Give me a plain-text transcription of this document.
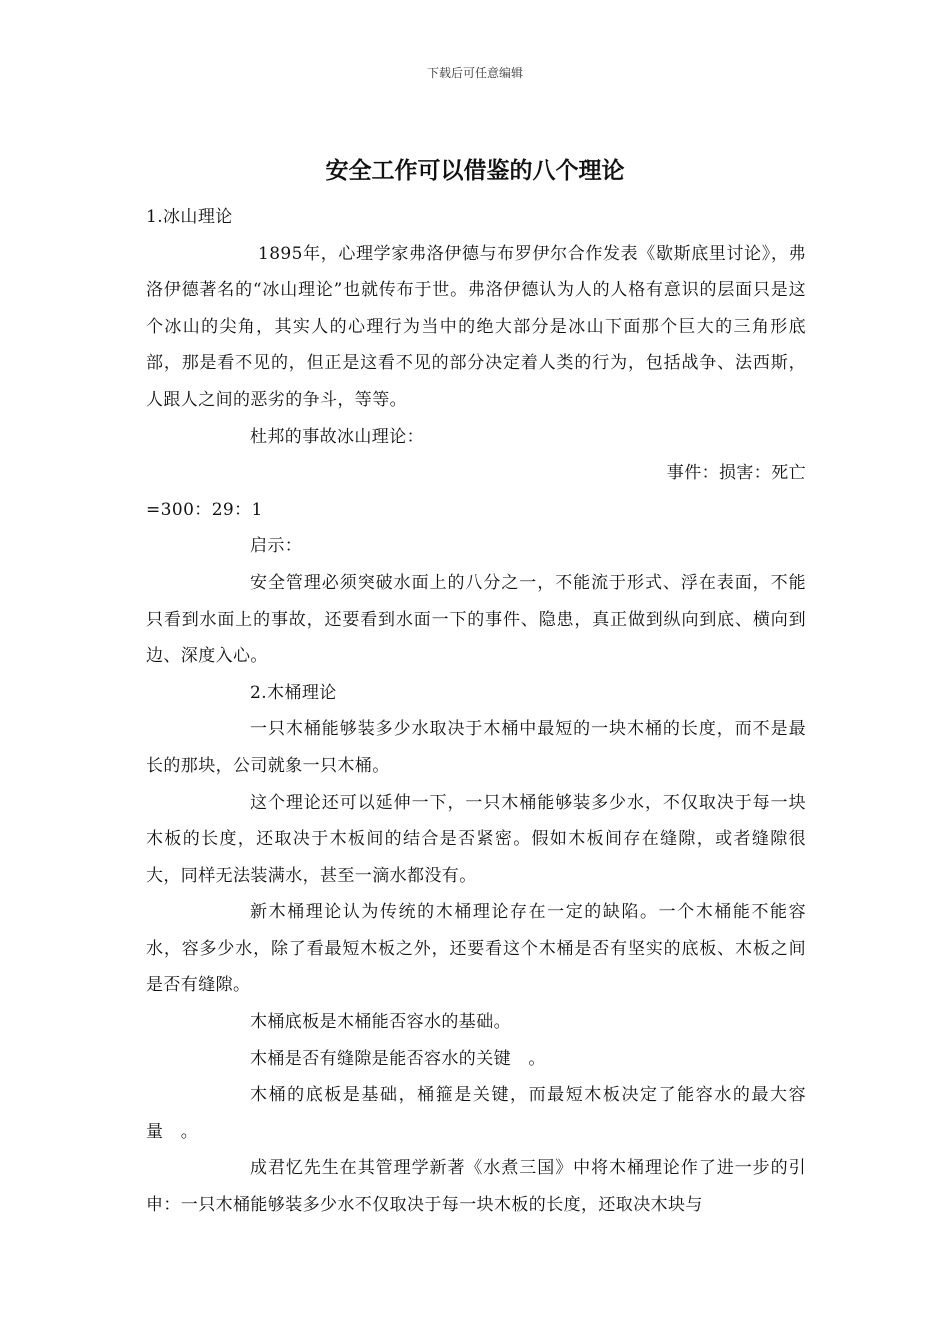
下载后可任意编辑
安全工作可以借鉴的八个理论

1.冰山理论

1895年，心理学家弗洛伊德与布罗伊尔合作发表《歇斯底里讨论》，弗洛伊德著名的“冰山理论”也就传布于世。弗洛伊德认为人的人格有意识的层面只是这个冰山的尖角，其实人的心理行为当中的绝大部分是冰山下面那个巨大的三角形底部，那是看不见的，但正是这看不见的部分决定着人类的行为，包括战争、法西斯，人跟人之间的恶劣的争斗，等等。

杜邦的事故冰山理论：

事件：损害：死亡

=300：29：1

启示：

安全管理必须突破水面上的八分之一，不能流于形式、浮在表面，不能只看到水面上的事故，还要看到水面一下的事件、隐患，真正做到纵向到底、横向到边、深度入心。

2.木桶理论

一只木桶能够装多少水取决于木桶中最短的一块木桶的长度，而不是最长的那块，公司就象一只木桶。

这个理论还可以延伸一下，一只木桶能够装多少水，不仅取决于每一块木板的长度，还取决于木板间的结合是否紧密。假如木板间存在缝隙，或者缝隙很大，同样无法装满水，甚至一滴水都没有。

新木桶理论认为传统的木桶理论存在一定的缺陷。一个木桶能不能容水，容多少水，除了看最短木板之外，还要看这个木桶是否有坚实的底板、木板之间是否有缝隙。

木桶底板是木桶能否容水的基础。

木桶是否有缝隙是能否容水的关键　。

木桶的底板是基础，桶箍是关键，而最短木板决定了能容水的最大容量　。

成君忆先生在其管理学新著《水煮三国》中将木桶理论作了进一步的引申：一只木桶能够装多少水不仅取决于每一块木板的长度，还取决木块与
